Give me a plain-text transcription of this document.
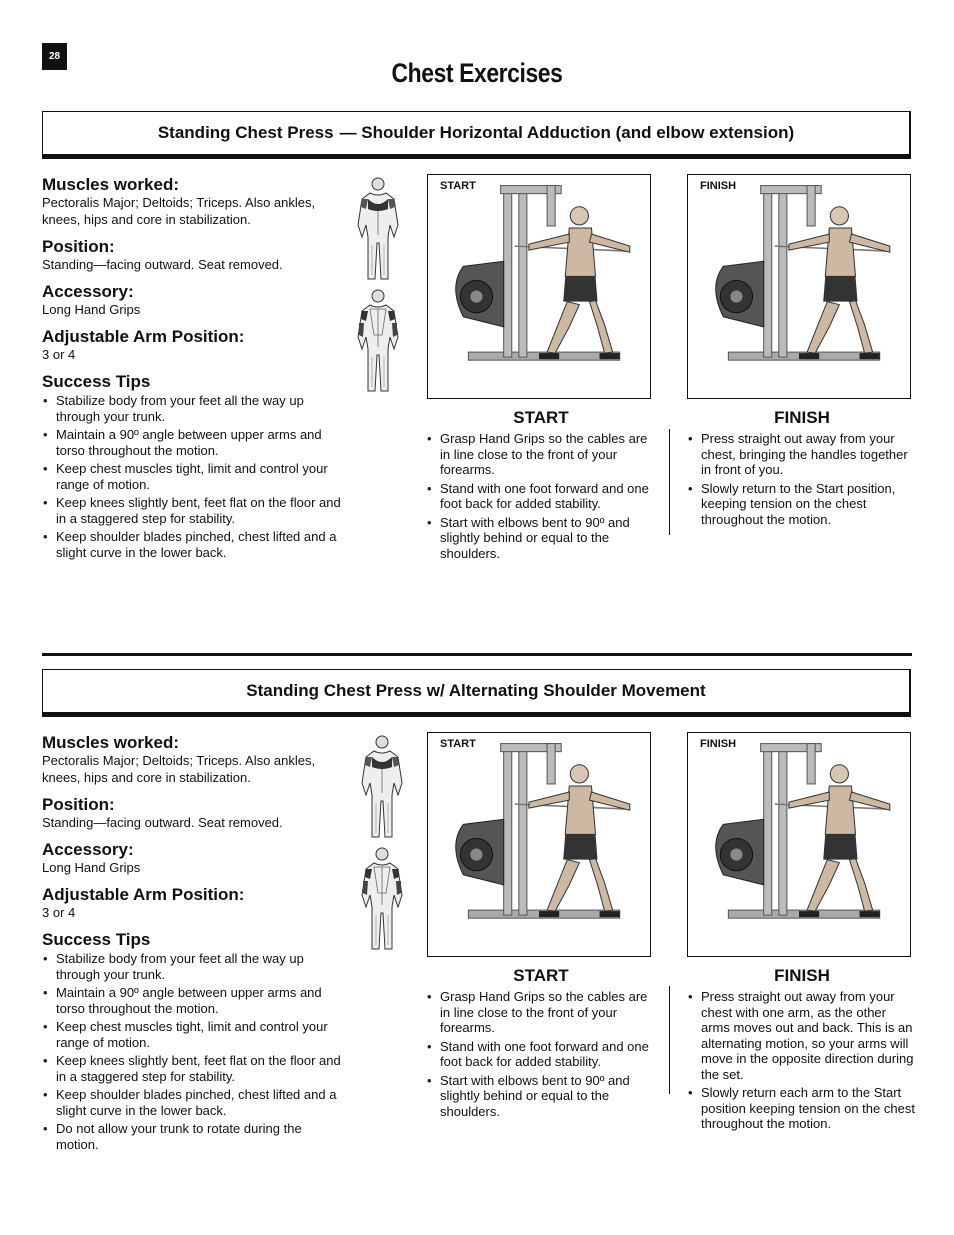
28
Chest Exercises
Standing Chest Press — Shoulder Horizontal Adduction (and elbow extension)

Muscles worked:

Pectoralis Major; Deltoids; Triceps. Also ankles, knees, hips and core in stabilization.

Position:

Standing—facing outward. Seat removed.

Accessory:

Long Hand Grips

Adjustable Arm Position:

3 or 4

Success Tips

• Stabilize body from your feet all the way up through your trunk.
• Maintain a 90º angle between upper arms and torso throughout the motion.
• Keep chest muscles tight, limit and control your range of motion.
• Keep knees slightly bent, feet flat on the floor and in a staggered step for stability.
• Keep shoulder blades pinched, chest lifted and a slight curve in the lower back.
START	FINISH

START

• Grasp Hand Grips so the cables are in line close to the front of your forearms.
• Stand with one foot forward and one foot back for added stability.
• Start with elbows bent to 90º and slightly behind or equal to the shoulders.

FINISH

• Press straight out away from your chest, bringing the handles together in front of you.
• Slowly return to the Start position, keeping tension on the chest throughout the motion.
Standing Chest Press w/ Alternating Shoulder Movement

Muscles worked:

Pectoralis Major; Deltoids; Triceps. Also ankles, knees, hips and core in stabilization.

Position:

Standing—facing outward. Seat removed.

Accessory:

Long Hand Grips

Adjustable Arm Position:

3 or 4

Success Tips

• Stabilize body from your feet all the way up through your trunk.
• Maintain a 90º angle between upper arms and torso throughout the motion.
• Keep chest muscles tight, limit and control your range of motion.
• Keep knees slightly bent, feet flat on the floor and in a staggered step for stability.
• Keep shoulder blades pinched, chest lifted and a slight curve in the lower back.
• Do not allow your trunk to rotate during the motion.
START	FINISH

START

• Grasp Hand Grips so the cables are in line close to the front of your forearms.
• Stand with one foot forward and one foot back for added stability.
• Start with elbows bent to 90º and slightly behind or equal to the shoulders.

FINISH

• Press straight out away from your chest with one arm, as the other arms moves out and back. This is an alternating motion, so your arms will move in the opposite direction during the set.
• Slowly return each arm to the Start position keeping tension on the chest throughout the motion.
